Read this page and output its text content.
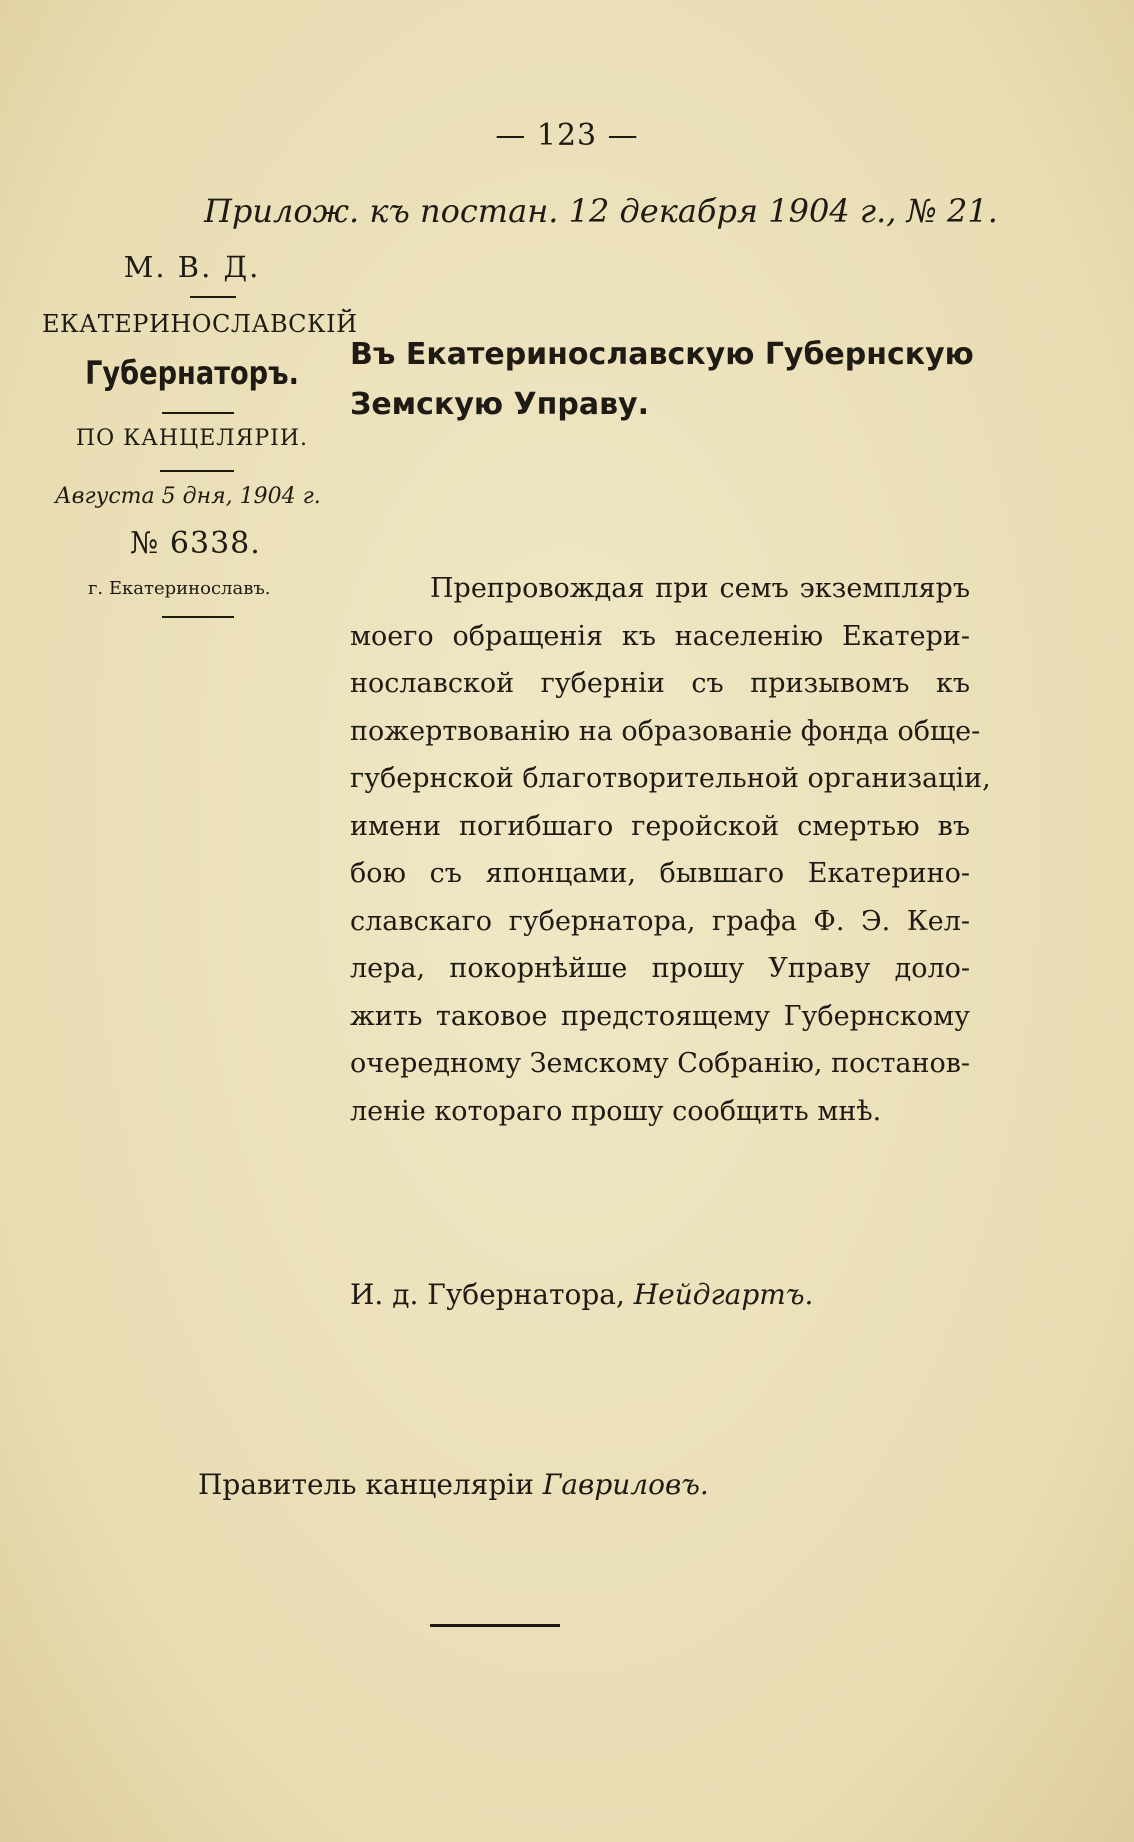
— 123 —
Прилож. къ постан. 12 декабря 1904 г., № 21.
М. В. Д.
ЕКАТЕРИНОСЛАВСКІЙ
Губернаторъ.
ПО КАНЦЕЛЯРІИ.
Августа 5 дня, 1904 г.
№ 6338.
г. Екатеринославъ.
Въ Екатеринославскую Губернскую
Земскую Управу.
Препровождая при семъ экземпляръ
моего обращенія къ населенію Екатери-
нославской губерніи съ призывомъ къ
пожертвованію на образованіе фонда обще-
губернской благотворительной организаціи,
имени погибшаго геройской смертью въ
бою съ японцами, бывшаго Екатерино-
славскаго губернатора, графа Ф. Э. Кел-
лера, покорнѣйше прошу Управу доло-
жить таковое предстоящему Губернскому
очередному Земскому Собранію, постанов-
леніе котораго прошу сообщить мнѣ.
И. д. Губернатора, Нейдгартъ.
Правитель канцеляріи Гавриловъ.
